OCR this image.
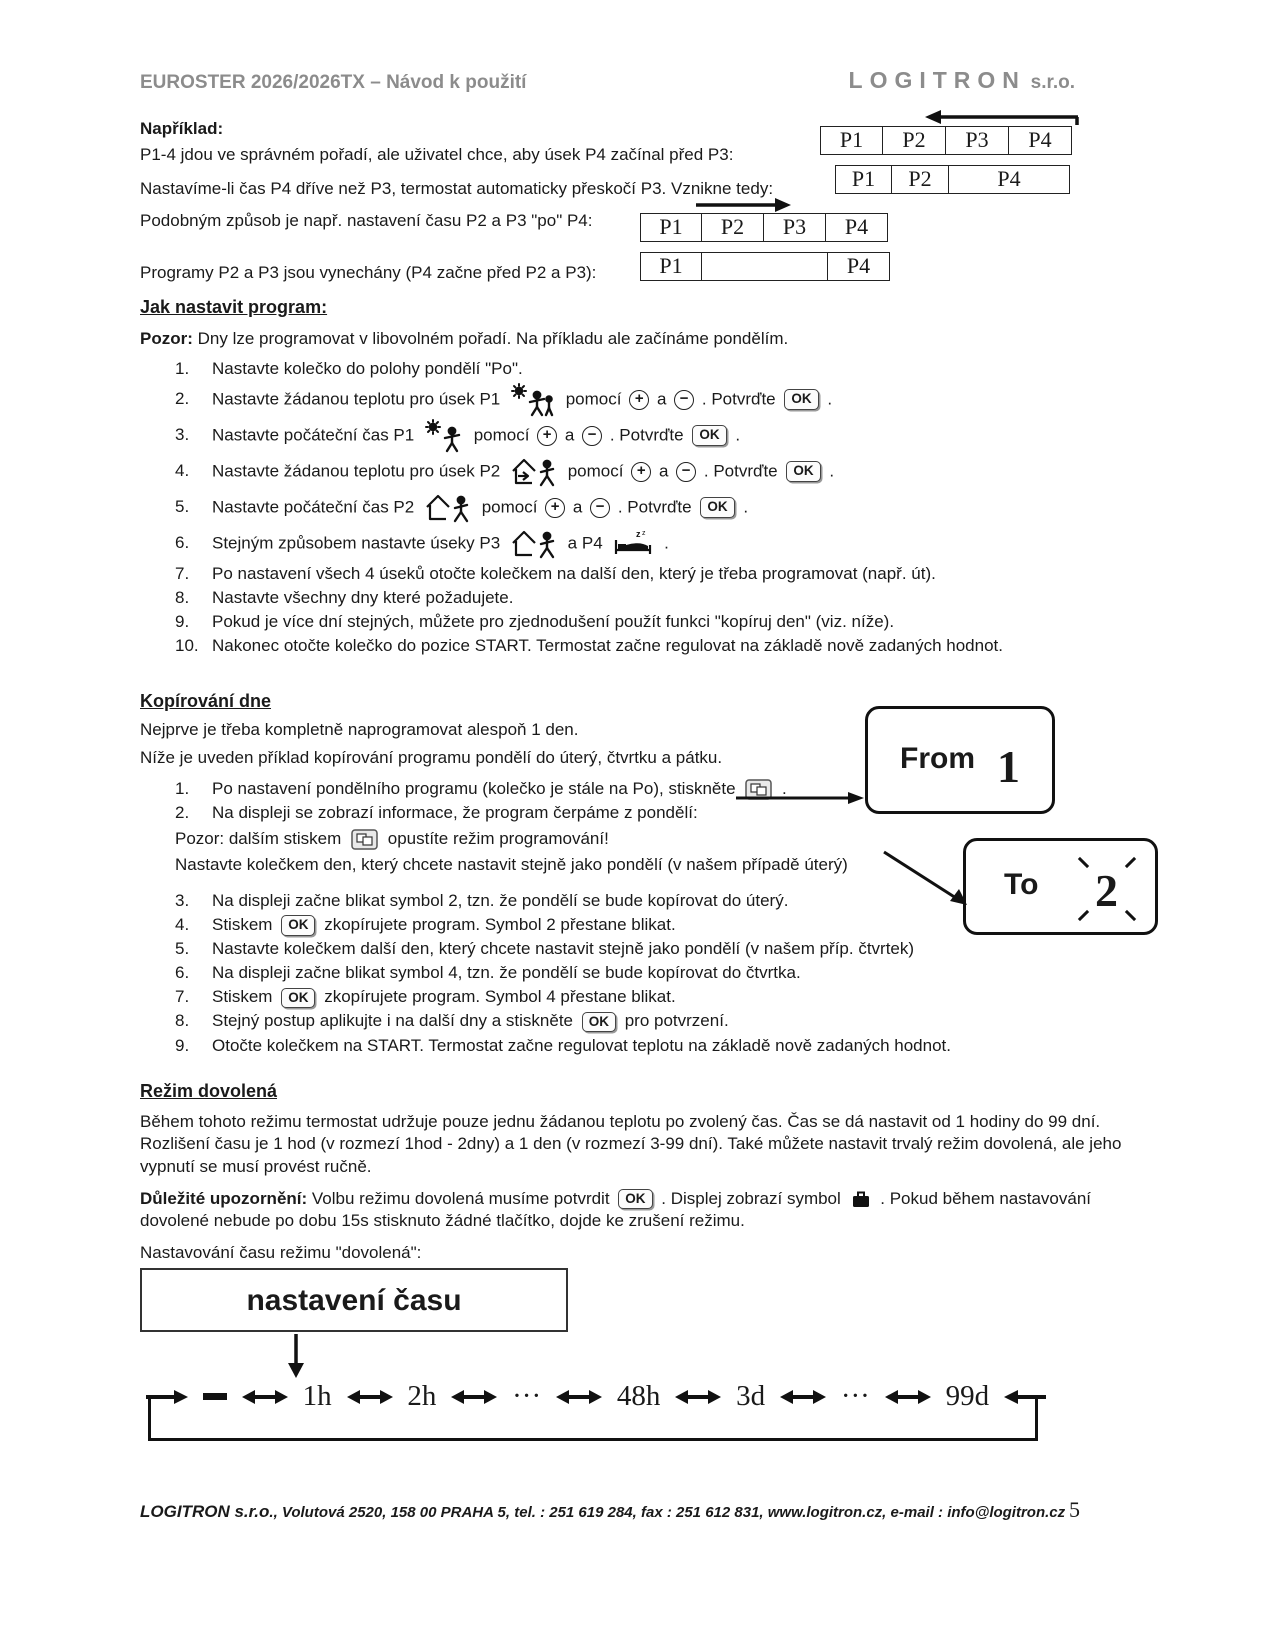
EUROSTER 2026/2026TX – Návod k použití	LOGITRON s.r.o.
Například:
P1-4 jdou ve správném pořadí, ale uživatel chce, aby úsek P4 začínal před P3:
Nastavíme-li čas P4 dříve než P3, termostat automaticky přeskočí P3. Vznikne tedy:
Podobným způsob je např. nastavení času P2 a P3 "po" P4:
Programy P2 a P3 jsou vynechány (P4 začne před P2 a P3):
P1	P2	P3	P4
P1	P2	P4
P1	P2	P3	P4
P1	P4
Jak nastavit program:

Pozor: Dny lze programovat v libovolném pořadí. Na příkladu ale začínáme pondělím.

1.	Nastavte kolečko do polohy pondělí "Po".
2.	Nastavte žádanou teplotu pro úsek P1	pomocí + a − . Potvrďte OK .
3.	Nastavte počáteční čas P1	pomocí + a − . Potvrďte OK .
4.	Nastavte žádanou teplotu pro úsek P2	pomocí + a − . Potvrďte OK .
5.	Nastavte počáteční čas P2	pomocí + a − . Potvrďte OK .
6.	Stejným způsobem nastavte úseky P3	a P4	z z .
7.	Po nastavení všech 4 úseků otočte kolečkem na další den, který je třeba programovat (např. út).
8.	Nastavte všechny dny které požadujete.
9.	Pokud je více dní stejných, můžete pro zjednodušení použít funkci "kopíruj den" (viz. níže).
10. Nakonec otočte kolečko do pozice START. Termostat začne regulovat na základě nově zadaných hodnot.
Kopírování dne

Nejprve je třeba kompletně naprogramovat alespoň 1 den.

Níže je uveden příklad kopírování programu pondělí do úterý, čtvrtku a pátku.

1.	Po nastavení pondělního programu (kolečko je stále na Po), stiskněte	.
2.	Na displeji se zobrazí informace, že program čerpáme z pondělí:

Pozor: dalším stiskem	opustíte režim programování!

Nastavte kolečkem den, který chcete nastavit stejně jako pondělí (v našem případě úterý)

3.	Na displeji začne blikat symbol 2, tzn. že pondělí se bude kopírovat do úterý.
4.	Stiskem OK zkopírujete program. Symbol 2 přestane blikat.
5.	Nastavte kolečkem další den, který chcete nastavit stejně jako pondělí (v našem příp. čtvrtek)
6.	Na displeji začne blikat symbol 4, tzn. že pondělí se bude kopírovat do čtvrtka.
7.	Stiskem OK zkopírujete program. Symbol 4 přestane blikat.
8.	Stejný postup aplikujte i na další dny a stiskněte OK pro potvrzení.
9.	Otočte kolečkem na START. Termostat začne regulovat teplotu na základě nově zadaných hodnot.
From 1
To 2
Režim dovolená

Během tohoto režimu termostat udržuje pouze jednu žádanou teplotu po zvolený čas. Čas se dá nastavit od 1 hodiny do 99 dní. Rozlišení času je 1 hod (v rozmezí 1hod - 2dny) a 1 den (v rozmezí 3-99 dní). Také můžete nastavit trvalý režim dovolená, ale jeho vypnutí se musí provést ručně.

Důležité upozornění: Volbu režimu dovolená musíme potvrdit OK . Displej zobrazí symbol . Pokud během nastavování dovolené nebude po dobu 15s stisknuto žádné tlačítko, dojde ke zrušení režimu.

Nastavování času režimu "dovolená":

nastavení času
1h	2h	···	48h	3d	···	99d
LOGITRON s.r.o., Volutová 2520, 158 00 PRAHA 5, tel. : 251 619 284, fax : 251 612 831, www.logitron.cz, e-mail : info@logitron.cz 5
